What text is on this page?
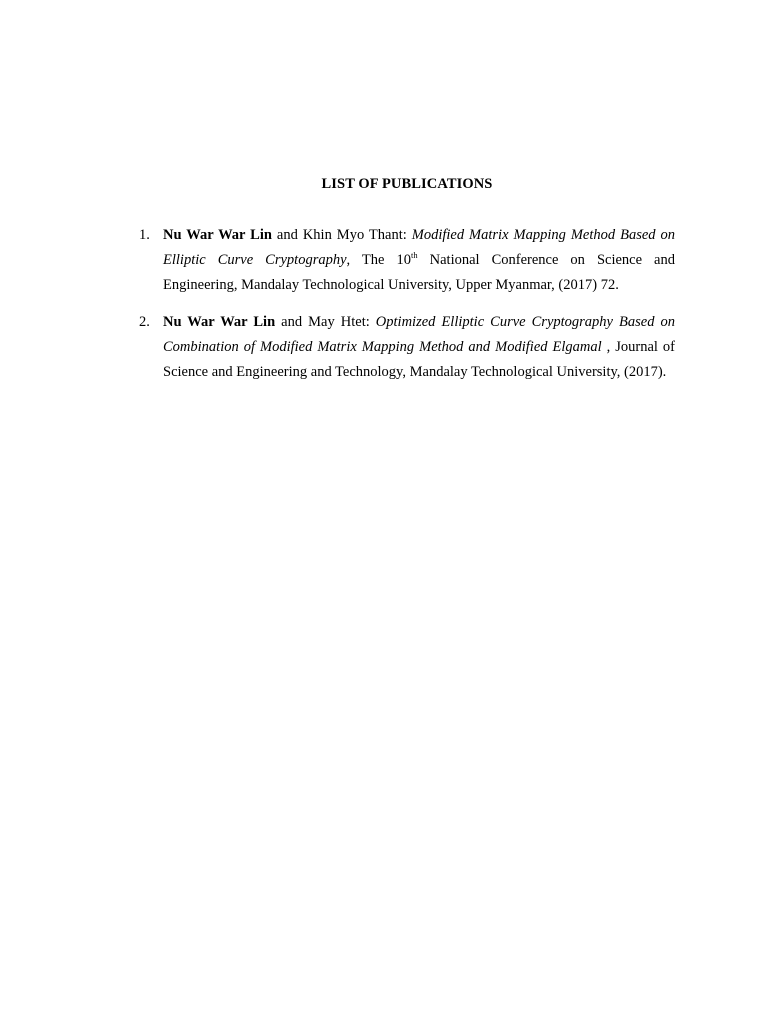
LIST OF PUBLICATIONS
1. Nu War War Lin and Khin Myo Thant: Modified Matrix Mapping Method Based on Elliptic Curve Cryptography, The 10th National Conference on Science and Engineering, Mandalay Technological University, Upper Myanmar, (2017) 72.
2. Nu War War Lin and May Htet: Optimized Elliptic Curve Cryptography Based on Combination of Modified Matrix Mapping Method and Modified Elgamal , Journal of Science and Engineering and Technology, Mandalay Technological University, (2017).
